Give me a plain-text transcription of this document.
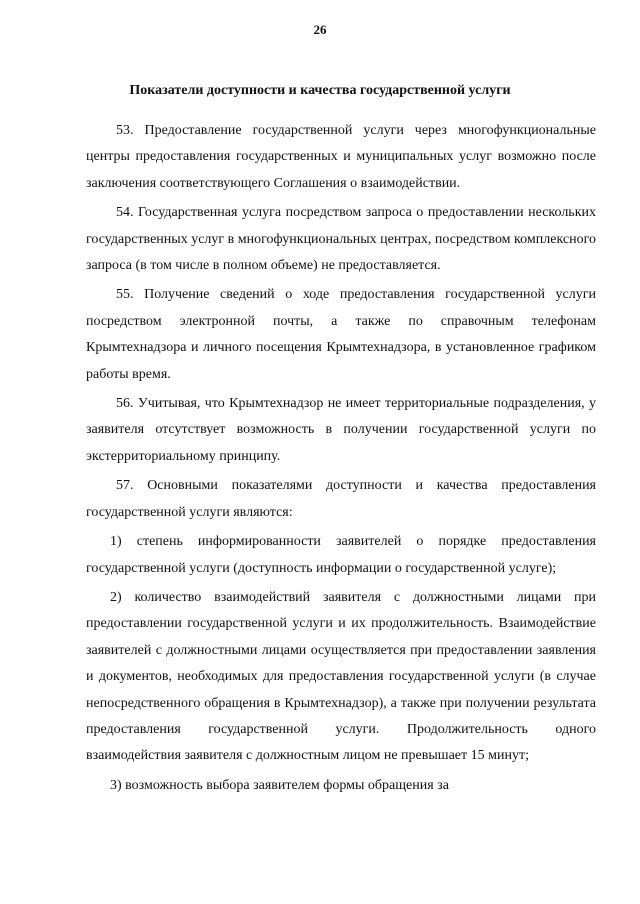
26
Показатели доступности и качества государственной услуги

53. Предоставление государственной услуги через многофункциональные центры предоставления государственных и муниципальных услуг возможно после заключения соответствующего Соглашения о взаимодействии.

54. Государственная услуга посредством запроса о предоставлении нескольких государственных услуг в многофункциональных центрах, посредством комплексного запроса (в том числе в полном объеме) не предоставляется.

55. Получение сведений о ходе предоставления государственной услуги посредством электронной почты, а также по справочным телефонам Крымтехнадзора и личного посещения Крымтехнадзора, в установленное графиком работы время.

56. Учитывая, что Крымтехнадзор не имеет территориальные подразделения, у заявителя отсутствует возможность в получении государственной услуги по экстерриториальному принципу.

57. Основными показателями доступности и качества предоставления государственной услуги являются:

1) степень информированности заявителей о порядке предоставления государственной услуги (доступность информации о государственной услуге);

2) количество взаимодействий заявителя с должностными лицами при предоставлении государственной услуги и их продолжительность. Взаимодействие заявителей с должностными лицами осуществляется при предоставлении заявления и документов, необходимых для предоставления государственной услуги (в случае непосредственного обращения в Крымтехнадзор), а также при получении результата предоставления государственной услуги. Продолжительность одного взаимодействия заявителя с должностным лицом не превышает 15 минут;

3) возможность выбора заявителем формы обращения за
